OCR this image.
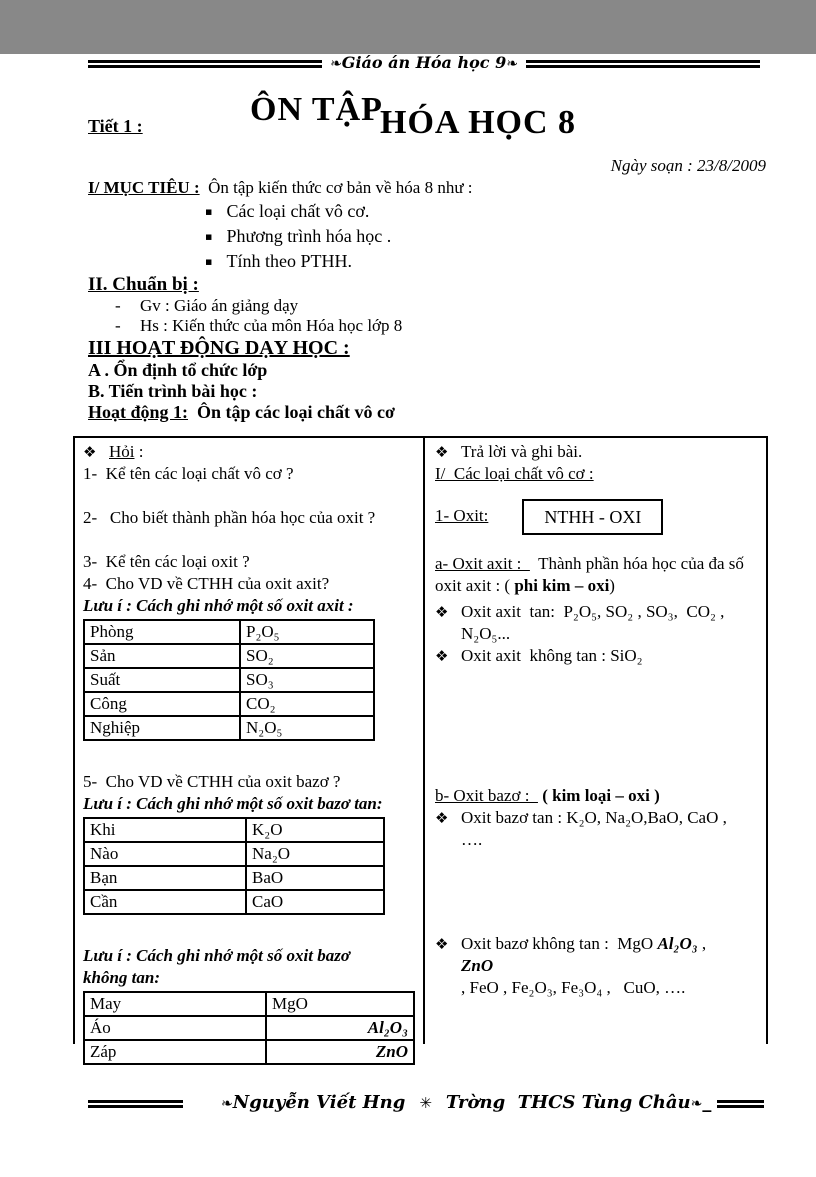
❧Giáo án Hóa học 9❧
Tiết 1 :	ÔN TẬP
HÓA HỌC 8
Ngày soạn : 23/8/2009
I/ MỤC TIÊU :  Ôn tập kiến thức cơ bản về hóa 8 như :
▪ Các loại chất vô cơ.
▪ Phương trình hóa học .
▪ Tính theo PTHH.
II. Chuẩn bị :
- Gv : Giáo án giảng dạy
- Hs : Kiến thức của môn Hóa học lớp 8
III HOẠT ĐỘNG DẠY HỌC :
A . Ổn định tổ chức lớp
B. Tiến trình bài học :
Hoạt động 1:  Ôn tập các loại chất vô cơ
❖ Hỏi :
1-  Kể tên các loại chất vô cơ ?
2-   Cho biết thành phần hóa học của oxit ?
3-  Kể tên các loại oxit ?
4-  Cho VD về CTHH của oxit axit?
Lưu í : Cách ghi nhớ một số oxit axit :
Phòng	P₂O₅
Sản	SO₂
Suất	SO₃
Công	CO₂
Nghiệp	N₂O₅
5-  Cho VD về CTHH của oxit bazơ ?
Lưu í : Cách ghi nhớ một số oxit bazơ tan:
Khi	K₂O
Nào	Na₂O
Bạn	BaO
Cần	CaO
Lưu í : Cách ghi nhớ một số oxit bazơ không tan:
May	MgO
Áo	Al₂O₃
Záp	ZnO
❖ Trả lời và ghi bài.
I/  Các loại chất vô cơ :
1- Oxit:	NTHH - OXI
a- Oxit axit :    Thành phần hóa học của đa số oxit axit : ( phi kim – oxi)
❖ Oxit axit  tan:  P₂O₅, SO₂ , SO₃,  CO₂ , N₂O₅...
❖ Oxit axit  không tan : SiO₂
b- Oxit bazơ :   ( kim loại – oxi )
❖ Oxit bazơ tan : K₂O, Na₂O,BaO, CaO ,
….
❖ Oxit bazơ không tan :  MgO Al₂O₃ ,
ZnO
, FeO , Fe₂O₃, Fe₃O₄ ,   CuO, ….
❧Nguyễn Viết Hng ✳ Trờng  THCS Tùng Châu❧_
